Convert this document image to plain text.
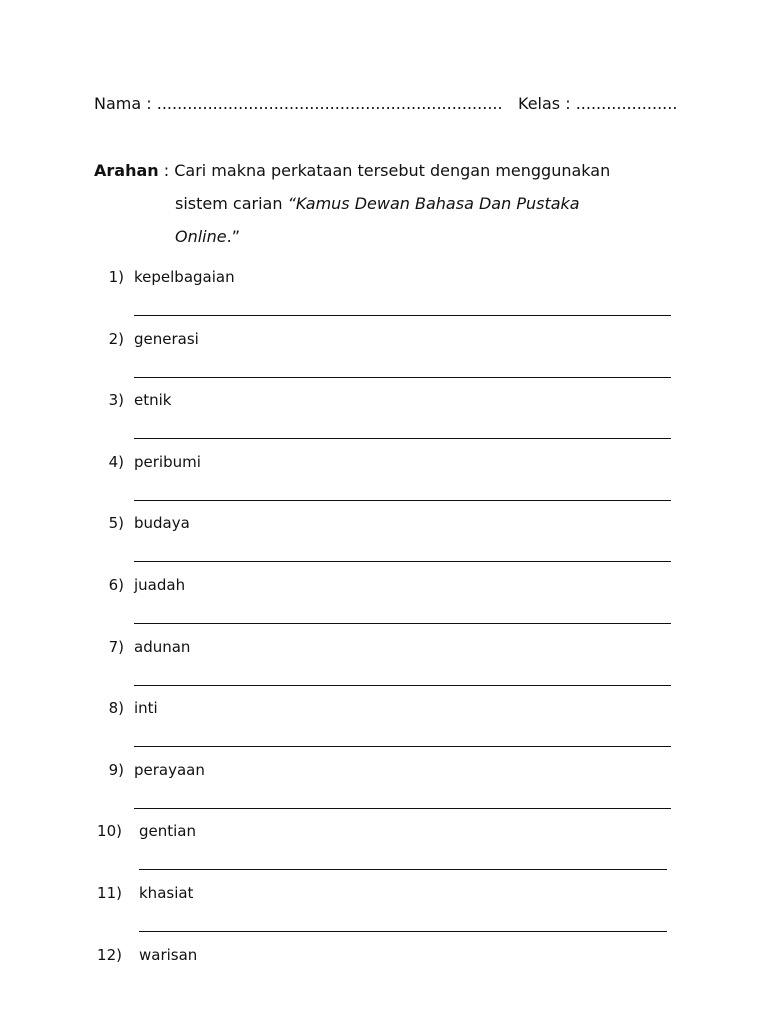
Nama : .................................................................... Kelas : ....................
Arahan : Cari makna perkataan tersebut dengan menggunakan
sistem carian “Kamus Dewan Bahasa Dan Pustaka
Online.”
1) kepelbagaian
2) generasi
3) etnik
4) peribumi
5) budaya
6) juadah
7) adunan
8) inti
9) perayaan
10) gentian
11) khasiat
12) warisan
